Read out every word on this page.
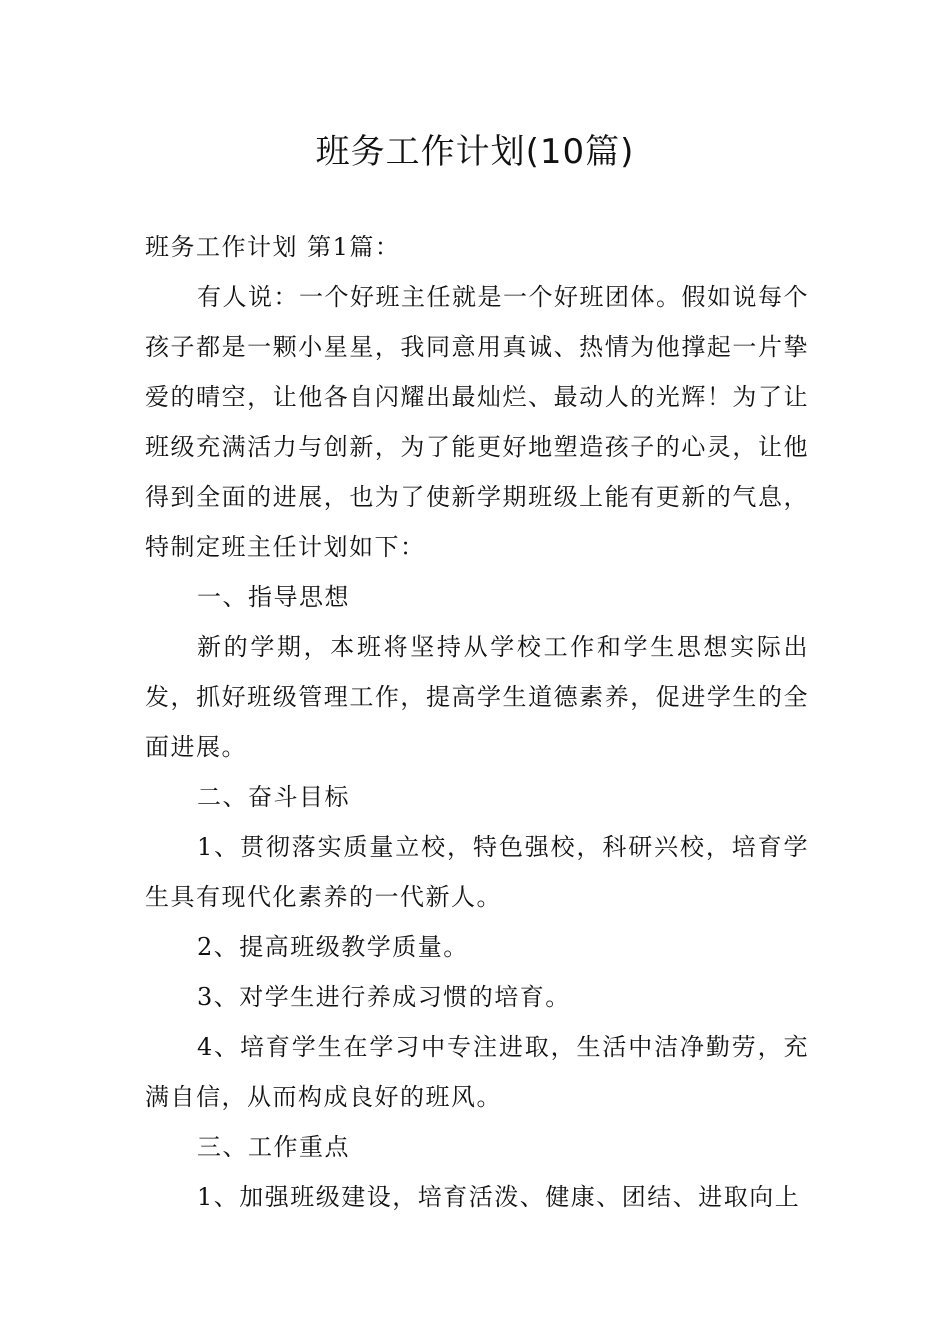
班务工作计划(10篇)

班务工作计划 第1篇：

有人说：一个好班主任就是一个好班团体。假如说每个孩子都是一颗小星星，我同意用真诚、热情为他撑起一片挚爱的晴空，让他各自闪耀出最灿烂、最动人的光辉！为了让班级充满活力与创新，为了能更好地塑造孩子的心灵，让他得到全面的进展，也为了使新学期班级上能有更新的气息，特制定班主任计划如下：

一、指导思想

新的学期，本班将坚持从学校工作和学生思想实际出发，抓好班级管理工作，提高学生道德素养，促进学生的全面进展。

二、奋斗目标

1、贯彻落实质量立校，特色强校，科研兴校，培育学生具有现代化素养的一代新人。

2、提高班级教学质量。

3、对学生进行养成习惯的培育。

4、培育学生在学习中专注进取，生活中洁净勤劳，充满自信，从而构成良好的班风。

三、工作重点

1、加强班级建设，培育活泼、健康、团结、进取向上
